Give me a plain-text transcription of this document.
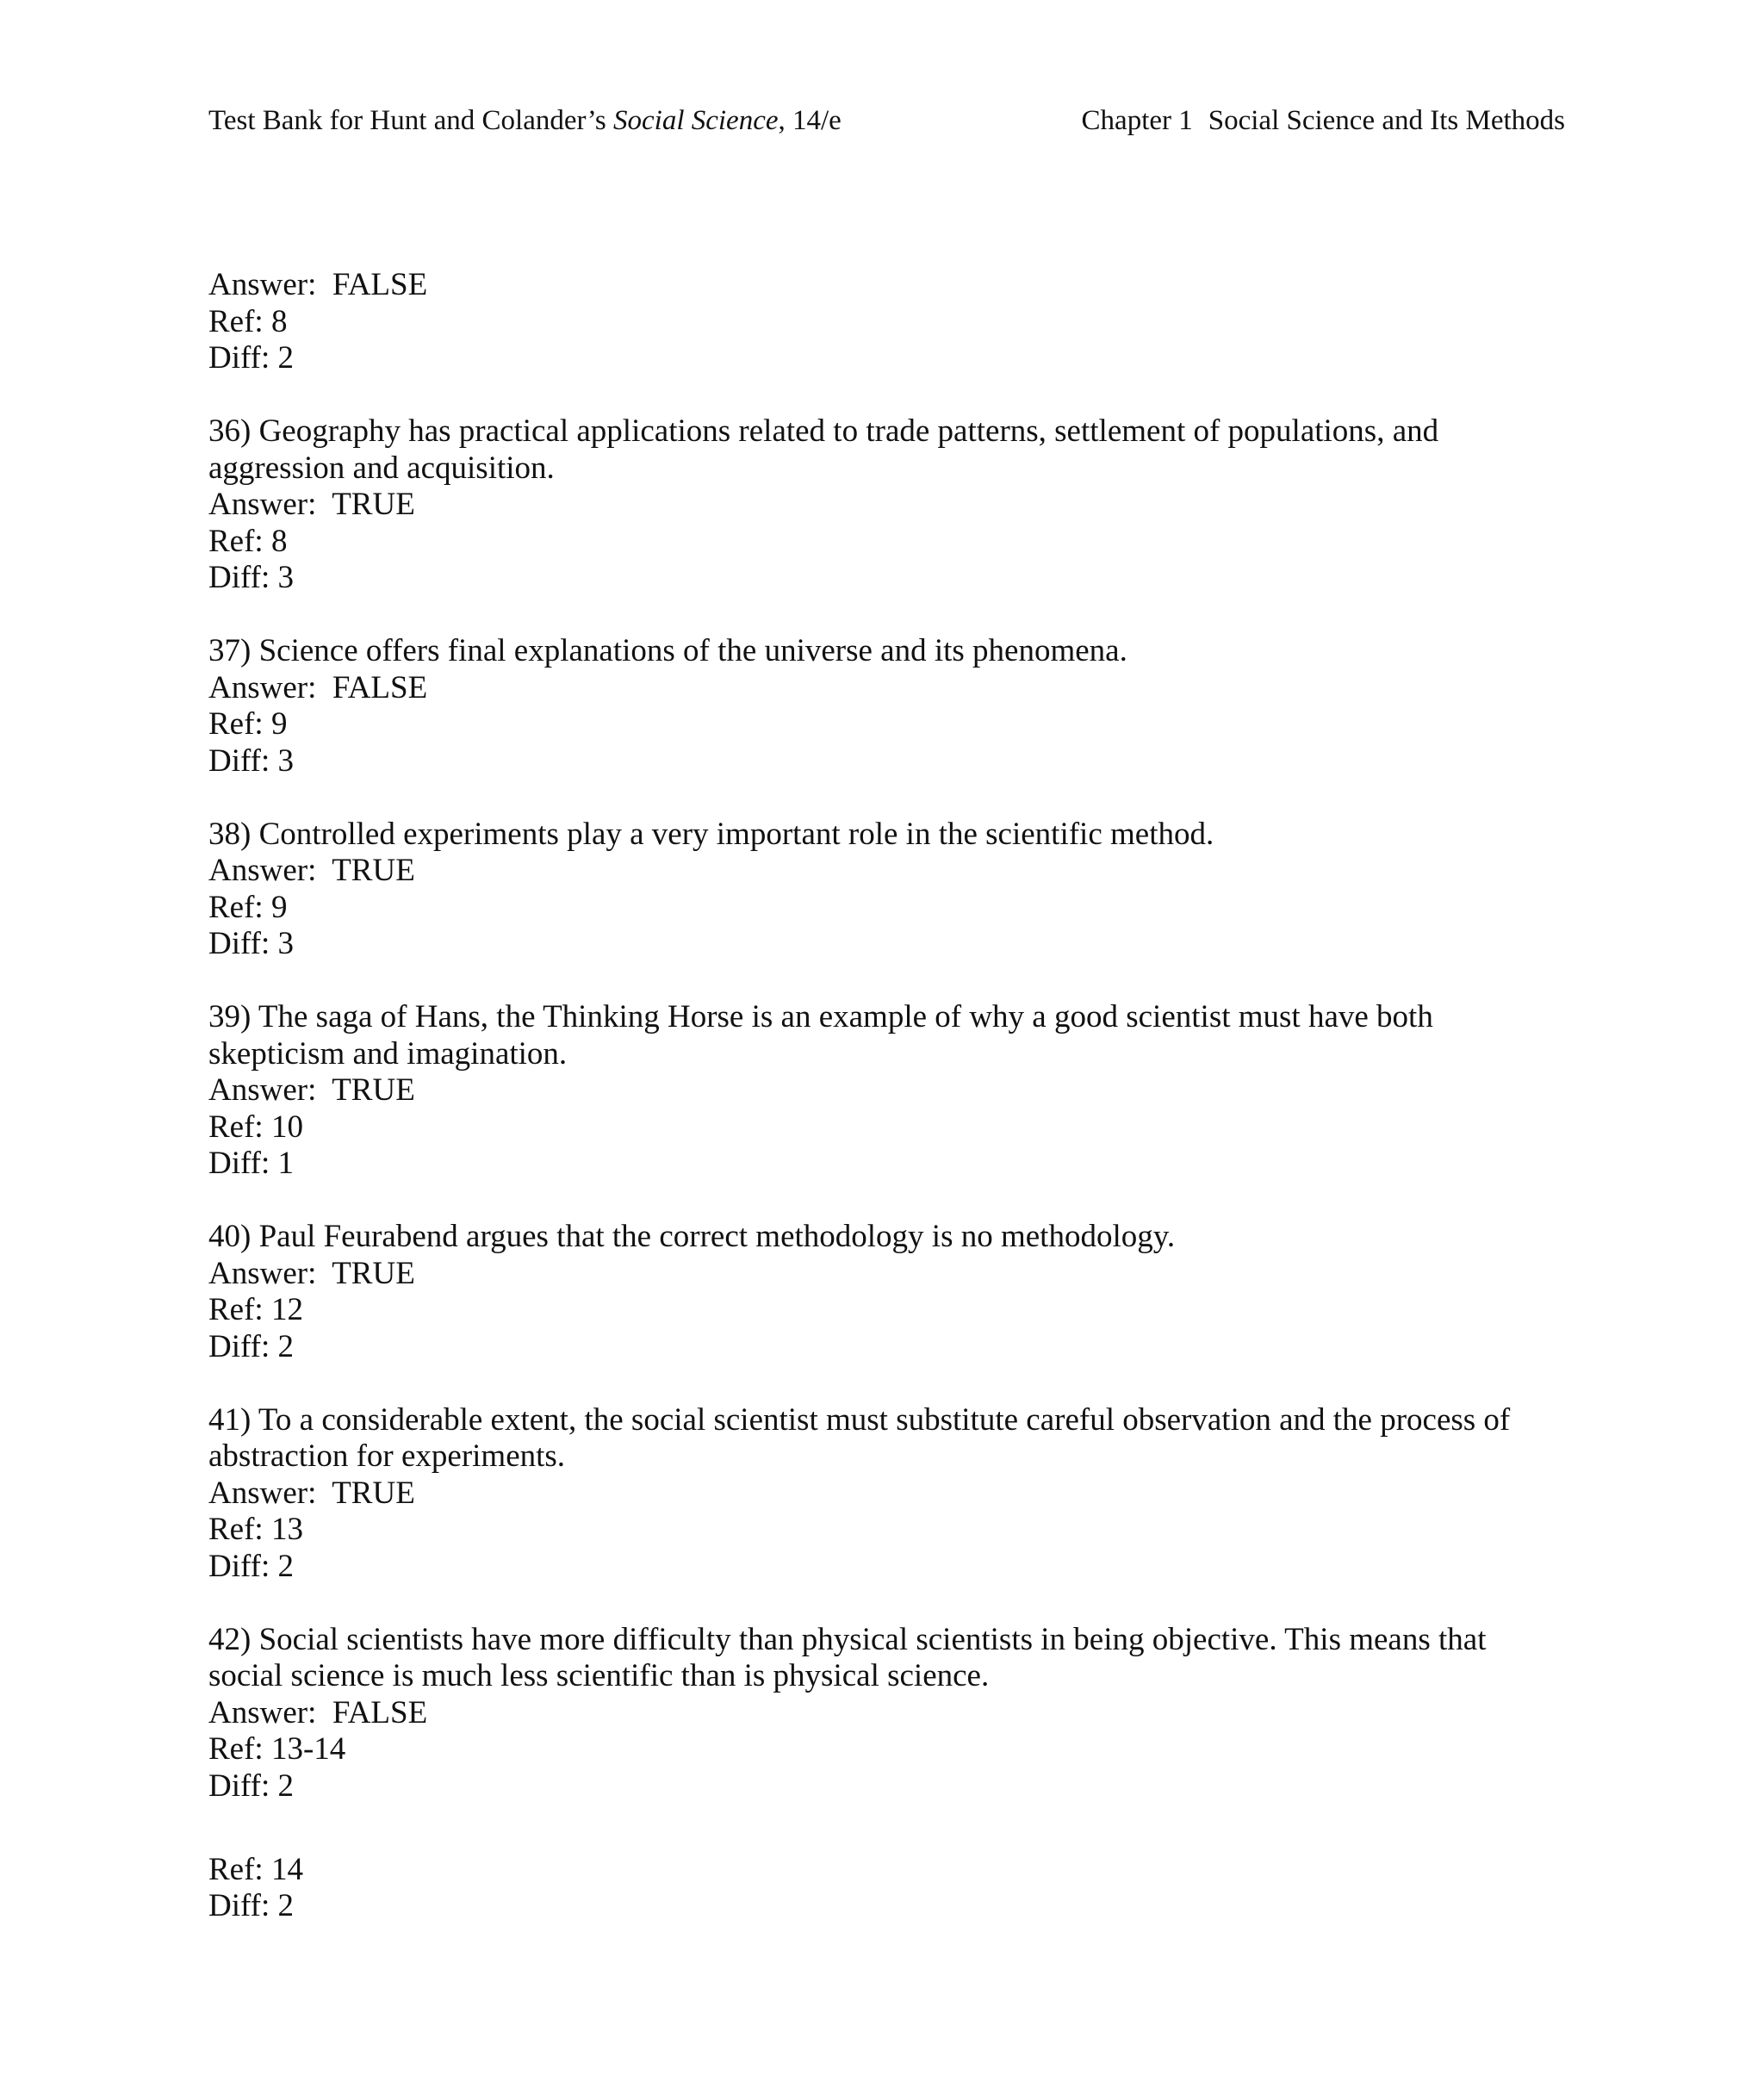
Test Bank for Hunt and Colander’s Social Science, 14/e	Chapter 1 Social Science and Its Methods
Answer:  FALSE
Ref: 8
Diff: 2
36) Geography has practical applications related to trade patterns, settlement of populations, and aggression and acquisition.
Answer:  TRUE
Ref: 8
Diff: 3
37) Science offers final explanations of the universe and its phenomena.
Answer:  FALSE
Ref: 9
Diff: 3
38) Controlled experiments play a very important role in the scientific method.
Answer:  TRUE
Ref: 9
Diff: 3
39) The saga of Hans, the Thinking Horse is an example of why a good scientist must have both skepticism and imagination.
Answer:  TRUE
Ref: 10
Diff: 1
40) Paul Feurabend argues that the correct methodology is no methodology.
Answer:  TRUE
Ref: 12
Diff: 2
41) To a considerable extent, the social scientist must substitute careful observation and the process of abstraction for experiments.
Answer:  TRUE
Ref: 13
Diff: 2
42) Social scientists have more difficulty than physical scientists in being objective. This means that social science is much less scientific than is physical science.
Answer:  FALSE
Ref: 13-14
Diff: 2
Ref: 14
Diff: 2
